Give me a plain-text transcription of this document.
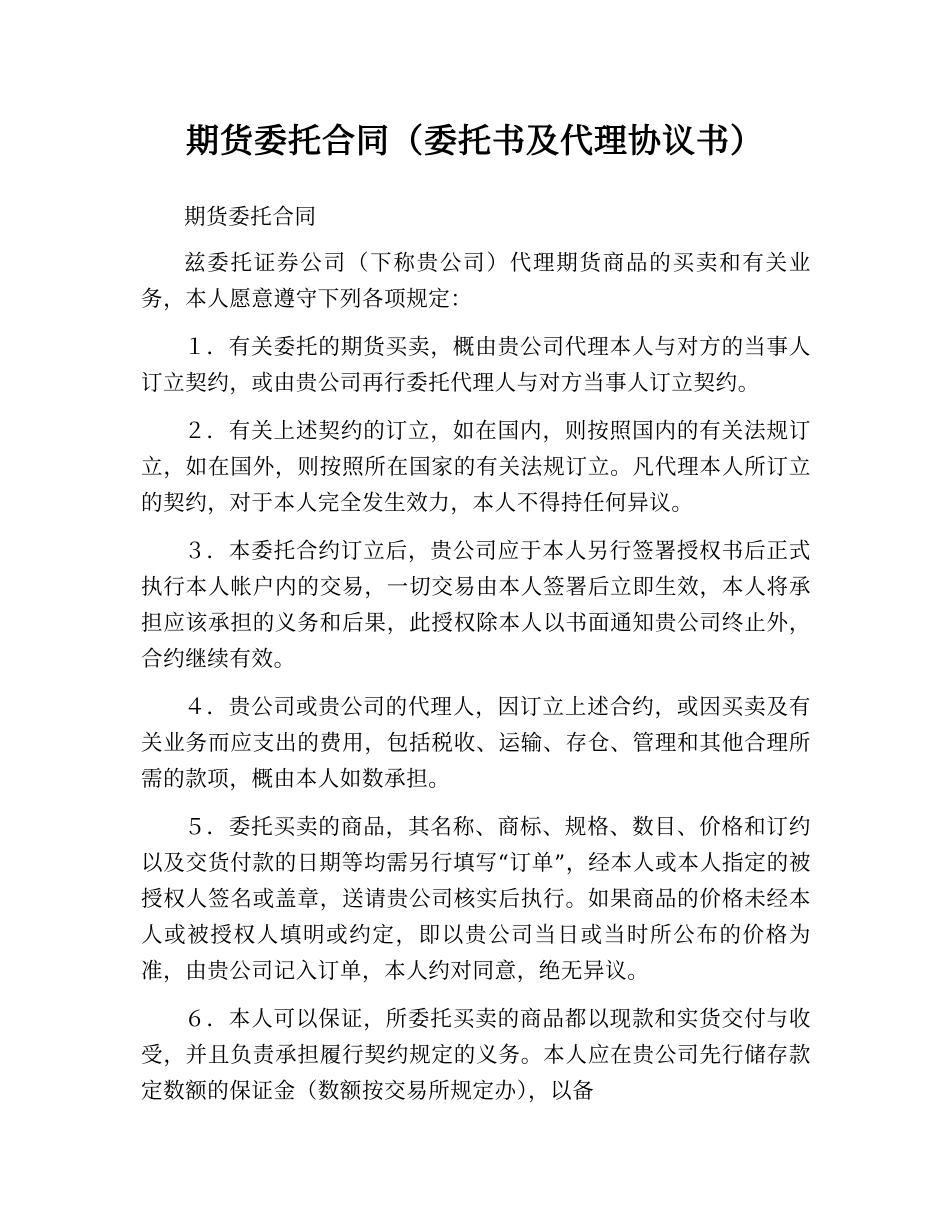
期货委托合同（委托书及代理协议书）

期货委托合同

兹委托证券公司（下称贵公司）代理期货商品的买卖和有关业务，本人愿意遵守下列各项规定：

１．有关委托的期货买卖，概由贵公司代理本人与对方的当事人订立契约，或由贵公司再行委托代理人与对方当事人订立契约。

２．有关上述契约的订立，如在国内，则按照国内的有关法规订立，如在国外，则按照所在国家的有关法规订立。凡代理本人所订立的契约，对于本人完全发生效力，本人不得持任何异议。

３．本委托合约订立后，贵公司应于本人另行签署授权书后正式执行本人帐户内的交易，一切交易由本人签署后立即生效，本人将承担应该承担的义务和后果，此授权除本人以书面通知贵公司终止外，合约继续有效。

４．贵公司或贵公司的代理人，因订立上述合约，或因买卖及有关业务而应支出的费用，包括税收、运输、存仓、管理和其他合理所需的款项，概由本人如数承担。

５．委托买卖的商品，其名称、商标、规格、数目、价格和订约以及交货付款的日期等均需另行填写“订单”，经本人或本人指定的被授权人签名或盖章，送请贵公司核实后执行。如果商品的价格未经本人或被授权人填明或约定，即以贵公司当日或当时所公布的价格为准，由贵公司记入订单，本人约对同意，绝无异议。

６．本人可以保证，所委托买卖的商品都以现款和实货交付与收受，并且负责承担履行契约规定的义务。本人应在贵公司先行储存款定数额的保证金（数额按交易所规定办），以备
